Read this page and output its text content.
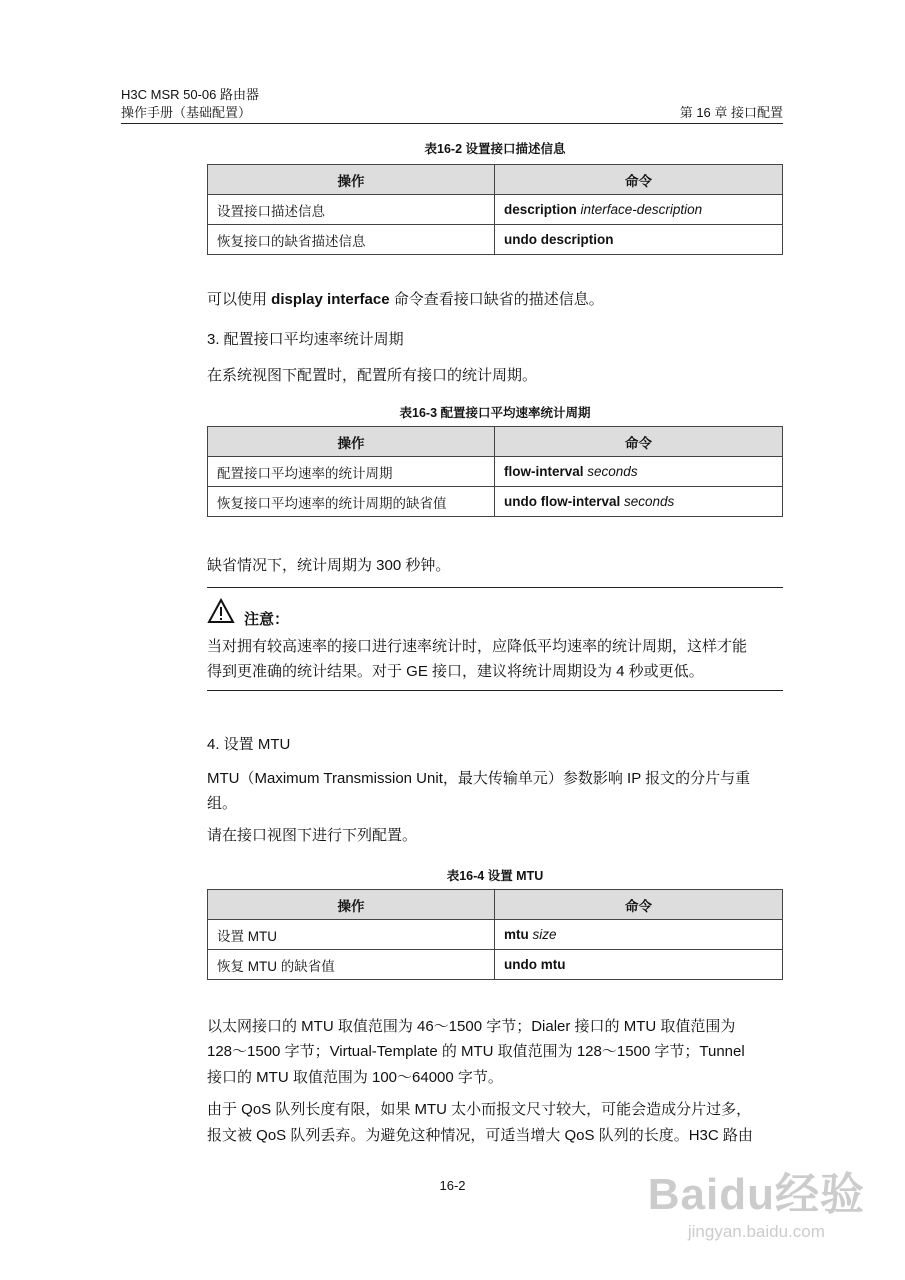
H3C MSR 50-06 路由器
操作手册（基础配置）	第 16 章 接口配置
表16-2 设置接口描述信息
操作	命令
设置接口描述信息	description interface-description
恢复接口的缺省描述信息	undo description
可以使用 display interface 命令查看接口缺省的描述信息。
3. 配置接口平均速率统计周期
在系统视图下配置时，配置所有接口的统计周期。
表16-3 配置接口平均速率统计周期
操作	命令
配置接口平均速率的统计周期	flow-interval seconds
恢复接口平均速率的统计周期的缺省值	undo flow-interval seconds
缺省情况下，统计周期为 300 秒钟。
注意：
当对拥有较高速率的接口进行速率统计时，应降低平均速率的统计周期，这样才能
得到更准确的统计结果。对于 GE 接口，建议将统计周期设为 4 秒或更低。
4. 设置 MTU
MTU（Maximum Transmission Unit，最大传输单元）参数影响 IP 报文的分片与重
组。
请在接口视图下进行下列配置。
表16-4 设置 MTU
操作	命令
设置 MTU	mtu size
恢复 MTU 的缺省值	undo mtu
以太网接口的 MTU 取值范围为 46～1500 字节；Dialer 接口的 MTU 取值范围为
128～1500 字节；Virtual-Template 的 MTU 取值范围为 128～1500 字节；Tunnel
接口的 MTU 取值范围为 100～64000 字节。
由于 QoS 队列长度有限，如果 MTU 太小而报文尺寸较大，可能会造成分片过多，
报文被 QoS 队列丢弃。为避免这种情况，可适当增大 QoS 队列的长度。H3C 路由
16-2	Baidu经验
jingyan.baidu.com
